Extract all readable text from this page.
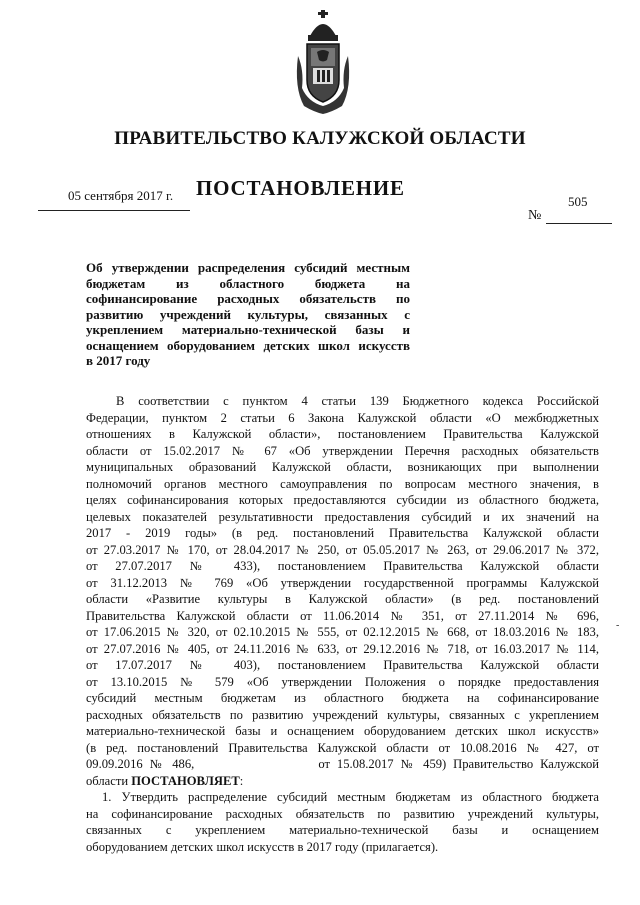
ПРАВИТЕЛЬСТВО КАЛУЖСКОЙ ОБЛАСТИ
05 сентября 2017 г. ПОСТАНОВЛЕНИЕ
505
№
Об утверждении распределения субсидий местным
бюджетам из областного бюджета на
софинансирование расходных обязательств по
развитию учреждений культуры, связанных с
укреплением материально-технической базы и
оснащением оборудованием детских школ искусств
в 2017 году
В соответствии с пунктом 4 статьи 139 Бюджетного кодекса Российской
Федерации, пунктом 2 статьи 6 Закона Калужской области «О межбюджетных
отношениях в Калужской области», постановлением Правительства Калужской
области от 15.02.2017 № 67 «Об утверждении Перечня расходных обязательств
муниципальных образований Калужской области, возникающих при выполнении
полномочий органов местного самоуправления по вопросам местного значения, в
целях софинансирования которых предоставляются субсидии из областного бюджета,
целевых показателей результативности предоставления субсидий и их значений на
2017 - 2019 годы» (в ред. постановлений Правительства Калужской области
от 27.03.2017 № 170, от 28.04.2017 № 250, от 05.05.2017 № 263, от 29.06.2017 № 372,
от 27.07.2017 № 433), постановлением Правительства Калужской области
от 31.12.2013 № 769 «Об утверждении государственной программы Калужской
области «Развитие культуры в Калужской области» (в ред. постановлений
Правительства Калужской области от 11.06.2014 № 351, от 27.11.2014 № 696,
от 17.06.2015 № 320, от 02.10.2015 № 555, от 02.12.2015 № 668, от 18.03.2016 № 183,
от 27.07.2016 № 405, от 24.11.2016 № 633, от 29.12.2016 № 718, от 16.03.2017 № 114,
от 17.07.2017 № 403), постановлением Правительства Калужской области
от 13.10.2015 № 579 «Об утверждении Положения о порядке предоставления
субсидий местным бюджетам из областного бюджета на софинансирование
расходных обязательств по развитию учреждений культуры, связанных с укреплением
материально-технической базы и оснащением оборудованием детских школ искусств»
(в ред. постановлений Правительства Калужской области от 10.08.2016 № 427, от
09.09.2016 № 486,                  от 15.08.2017 № 459) Правительство Калужской
области ПОСТАНОВЛЯЕТ:
1. Утвердить распределение субсидий местным бюджетам из областного бюджета
на софинансирование расходных обязательств по развитию учреждений культуры,
связанных с укреплением материально-технической базы и оснащением
оборудованием детских школ искусств в 2017 году (прилагается).
-
